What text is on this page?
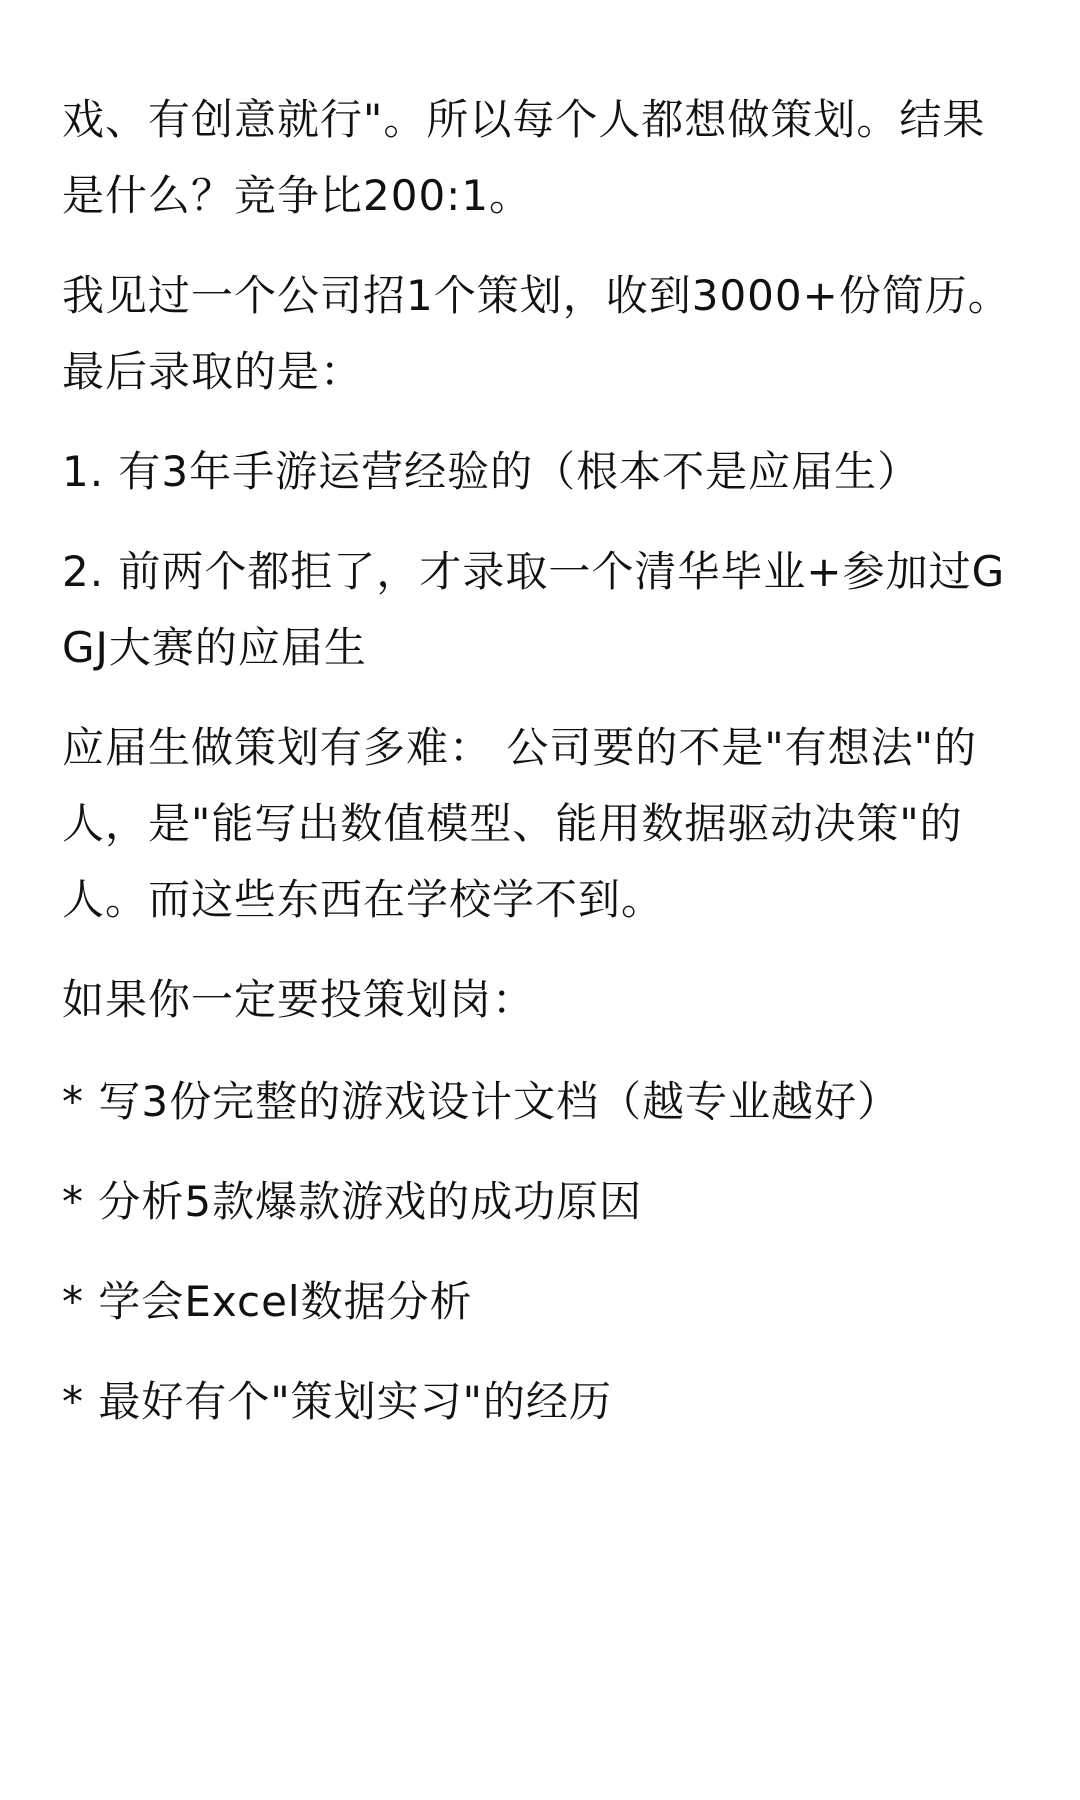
戏、有创意就行"。所以每个人都想做策划。结果是什么？竞争比200:1。

我见过一个公司招1个策划，收到3000+份简历。最后录取的是：

1. 有3年手游运营经验的（根本不是应届生）

2. 前两个都拒了，才录取一个清华毕业+参加过GGJ大赛的应届生

应届生做策划有多难： 公司要的不是"有想法"的人，是"能写出数值模型、能用数据驱动决策"的人。而这些东西在学校学不到。

如果你一定要投策划岗：

* 写3份完整的游戏设计文档（越专业越好）

* 分析5款爆款游戏的成功原因

* 学会Excel数据分析

* 最好有个"策划实习"的经历
